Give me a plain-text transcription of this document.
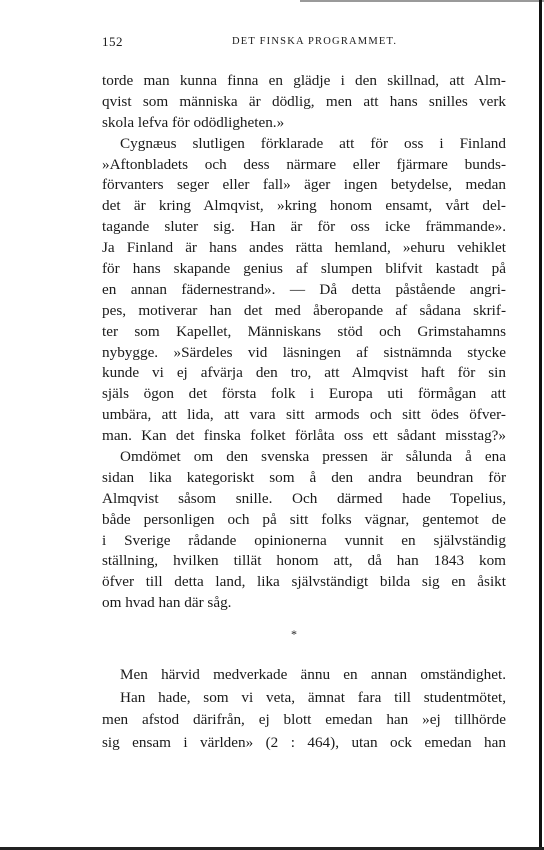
152	DET FINSKA PROGRAMMET.
torde man kunna finna en glädje i den skillnad, att Alm-
qvist som människa är dödlig, men att hans snilles verk
skola lefva för odödligheten.»
Cygnæus slutligen förklarade att för oss i Finland
»Aftonbladets och dess närmare eller fjärmare bunds-
förvanters seger eller fall» äger ingen betydelse, medan
det är kring Almqvist, »kring honom ensamt, vårt del-
tagande sluter sig. Han är för oss icke främmande».
Ja Finland är hans andes rätta hemland, »ehuru vehiklet
för hans skapande genius af slumpen blifvit kastadt på
en annan fädernestrand». — Då detta påstående angri-
pes, motiverar han det med åberopande af sådana skrif-
ter som Kapellet, Människans stöd och Grimstahamns
nybygge. »Särdeles vid läsningen af sistnämnda stycke
kunde vi ej afvärja den tro, att Almqvist haft för sin
själs ögon det första folk i Europa uti förmågan att
umbära, att lida, att vara sitt armods och sitt ödes öfver-
man. Kan det finska folket förlåta oss ett sådant misstag?»
Omdömet om den svenska pressen är sålunda å ena
sidan lika kategoriskt som å den andra beundran för
Almqvist såsom snille. Och därmed hade Topelius,
både personligen och på sitt folks vägnar, gentemot de
i Sverige rådande opinionerna vunnit en självständig
ställning, hvilken tillät honom att, då han 1843 kom
öfver till detta land, lika självständigt bilda sig en åsikt
om hvad han där såg.
*
Men härvid medverkade ännu en annan omständighet.
Han hade, som vi veta, ämnat fara till studentmötet,
men afstod därifrån, ej blott emedan han »ej tillhörde
sig ensam i världen» (2 : 464), utan ock emedan han
